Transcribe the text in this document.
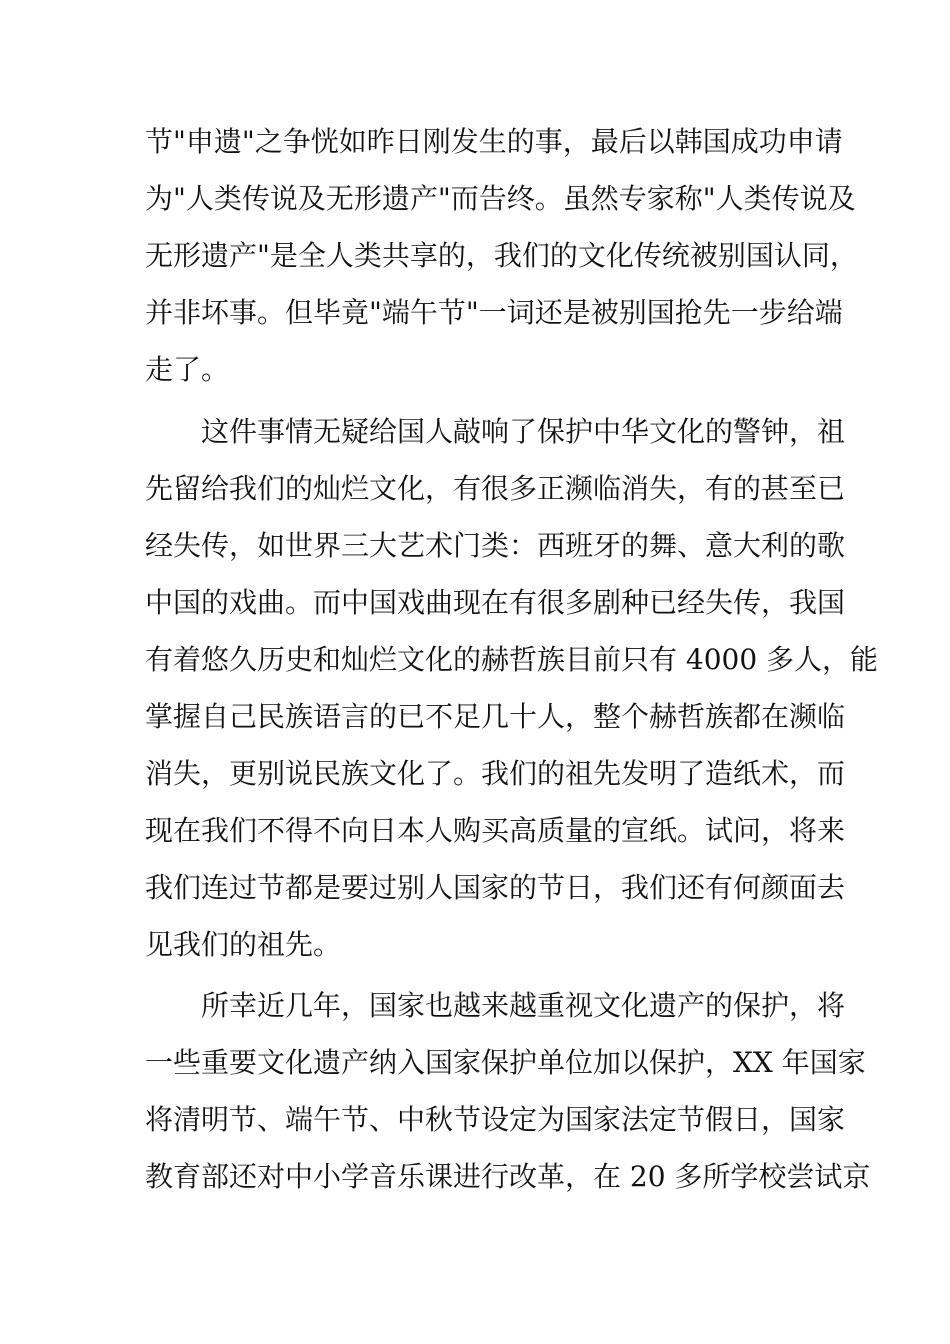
节"申遗"之争恍如昨日刚发生的事，最后以韩国成功申请
为"人类传说及无形遗产"而告终。虽然专家称"人类传说及
无形遗产"是全人类共享的，我们的文化传统被别国认同，
并非坏事。但毕竟"端午节"一词还是被别国抢先一步给端
走了。
这件事情无疑给国人敲响了保护中华文化的警钟，祖
先留给我们的灿烂文化，有很多正濒临消失，有的甚至已
经失传，如世界三大艺术门类：西班牙的舞、意大利的歌
中国的戏曲。而中国戏曲现在有很多剧种已经失传，我国
有着悠久历史和灿烂文化的赫哲族目前只有 4000 多人，能
掌握自己民族语言的已不足几十人，整个赫哲族都在濒临
消失，更别说民族文化了。我们的祖先发明了造纸术，而
现在我们不得不向日本人购买高质量的宣纸。试问，将来
我们连过节都是要过别人国家的节日，我们还有何颜面去
见我们的祖先。
所幸近几年，国家也越来越重视文化遗产的保护，将
一些重要文化遗产纳入国家保护单位加以保护，XX 年国家
将清明节、端午节、中秋节设定为国家法定节假日，国家
教育部还对中小学音乐课进行改革，在 20 多所学校尝试京
